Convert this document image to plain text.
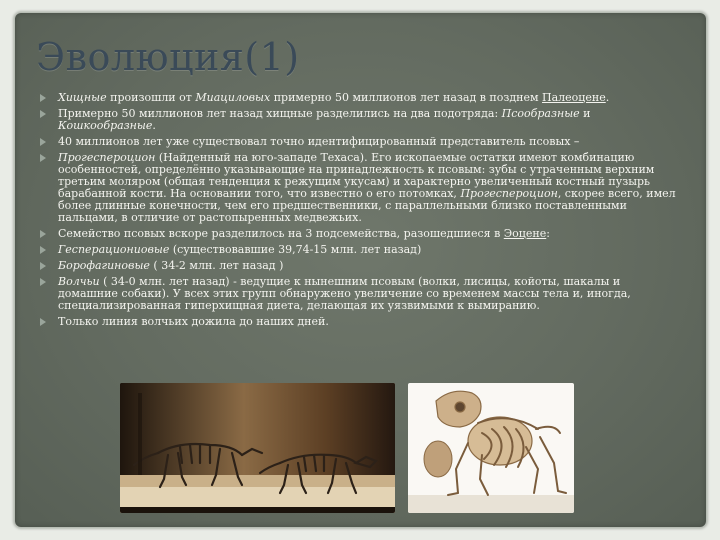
Эволюция(1)
Хищные произошли от Миациловых примерно 50 миллионов лет назад в позднем Палеоцене.
Примерно 50 миллионов лет назад хищные разделились на два подотряда: Псообразные и Кошкообразные.
40 миллионов лет уже существовал точно идентифицированный представитель псовых –
Прогеспероцион (Найденный на юго-западе Техаса). Его ископаемые остатки имеют комбинацию особенностей, определённо указывающие на принадлежность к псовым: зубы с утраченным верхним третьим моляром (общая тенденция к режущим укусам) и характерно увеличенный костный пузырь барабанной кости. На основании того, что известно о его потомках, Прогеспероцион, скорее всего, имел более длинные конечности, чем его предшественники, с параллельными близко поставленными пальцами, в отличие от растопыренных медвежьих.
Семейство псовых вскоре разделилось на 3 подсемейства, разошедшиеся в Эоцене:
Гесперациониовые (существовавшие 39,74-15 млн. лет назад)
Борофагиновые ( 34-2 млн. лет назад )
Волчьи ( 34-0 млн. лет назад) - ведущие к нынешним псовым (волки, лисицы, койоты, шакалы и домашние собаки). У всех этих групп обнаружено увеличение со временем массы тела и, иногда, специализированная гиперхищная диета, делающая их уязвимыми к вымиранию.
Только линия волчьих дожила до наших дней.
